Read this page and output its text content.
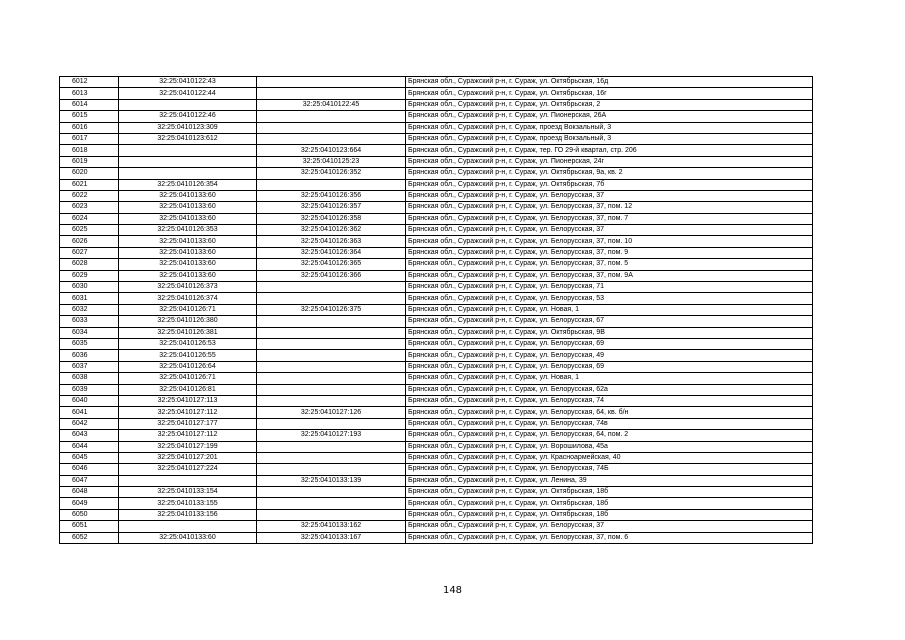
6012	32:25:0410122:43		Брянская обл., Суражский р-н, г. Сураж, ул. Октябрьская, 16д
6013	32:25:0410122:44		Брянская обл., Суражский р-н, г. Сураж, ул. Октябрьская, 16г
6014		32:25:0410122:45	Брянская обл., Суражский р-н, г. Сураж, ул. Октябрьская, 2
6015	32:25:0410122:46		Брянская обл., Суражский р-н, г. Сураж, ул. Пионерская, 26А
6016	32:25:0410123:309		Брянская обл., Суражский р-н, г. Сураж, проезд Вокзальный, 3
6017	32:25:0410123:612		Брянская обл., Суражский р-н, г. Сураж, проезд Вокзальный, 3
6018		32:25:0410123:664	Брянская обл., Суражский р-н, г. Сураж, тер. ГО 29-й квартал, стр. 206
6019		32:25:0410125:23	Брянская обл., Суражский р-н, г. Сураж, ул. Пионерская, 24г
6020		32:25:0410126:352	Брянская обл., Суражский р-н, г. Сураж, ул. Октябрьская, 9а, кв. 2
6021	32:25:0410126:354		Брянская обл., Суражский р-н, г. Сураж, ул. Октябрьская, 7б
6022	32:25:0410133:60	32:25:0410126:356	Брянская обл., Суражский р-н, г. Сураж, ул. Белорусская, 37
6023	32:25:0410133:60	32:25:0410126:357	Брянская обл., Суражский р-н, г. Сураж, ул. Белорусская, 37, пом. 12
6024	32:25:0410133:60	32:25:0410126:358	Брянская обл., Суражский р-н, г. Сураж, ул. Белорусская, 37, пом. 7
6025	32:25:0410126:353	32:25:0410126:362	Брянская обл., Суражский р-н, г. Сураж, ул. Белорусская, 37
6026	32:25:0410133:60	32:25:0410126:363	Брянская обл., Суражский р-н, г. Сураж, ул. Белорусская, 37, пом. 10
6027	32:25:0410133:60	32:25:0410126:364	Брянская обл., Суражский р-н, г. Сураж, ул. Белорусская, 37, пом. 9
6028	32:25:0410133:60	32:25:0410126:365	Брянская обл., Суражский р-н, г. Сураж, ул. Белорусская, 37, пом. 5
6029	32:25:0410133:60	32:25:0410126:366	Брянская обл., Суражский р-н, г. Сураж, ул. Белорусская, 37, пом. 9А
6030	32:25:0410126:373		Брянская обл., Суражский р-н, г. Сураж, ул. Белорусская, 71
6031	32:25:0410126:374		Брянская обл., Суражский р-н, г. Сураж, ул. Белорусская, 53
6032	32:25:0410126:71	32:25:0410126:375	Брянская обл., Суражский р-н, г. Сураж, ул. Новая, 1
6033	32:25:0410126:380		Брянская обл., Суражский р-н, г. Сураж, ул. Белорусская, 67
6034	32:25:0410126:381		Брянская обл., Суражский р-н, г. Сураж, ул. Октябрьская, 9В
6035	32:25:0410126:53		Брянская обл., Суражский р-н, г. Сураж, ул. Белорусская, 69
6036	32:25:0410126:55		Брянская обл., Суражский р-н, г. Сураж, ул. Белорусская, 49
6037	32:25:0410126:64		Брянская обл., Суражский р-н, г. Сураж, ул. Белорусская, 69
6038	32:25:0410126:71		Брянская обл., Суражский р-н, г. Сураж, ул. Новая, 1
6039	32:25:0410126:81		Брянская обл., Суражский р-н, г. Сураж, ул. Белорусская, 62а
6040	32:25:0410127:113		Брянская обл., Суражский р-н, г. Сураж, ул. Белорусская, 74
6041	32:25:0410127:112	32:25:0410127:126	Брянская обл., Суражский р-н, г. Сураж, ул. Белорусская, 64, кв. б/н
6042	32:25:0410127:177		Брянская обл., Суражский р-н, г. Сураж, ул. Белорусская, 74в
6043	32:25:0410127:112	32:25:0410127:193	Брянская обл., Суражский р-н, г. Сураж, ул. Белорусская, 64, пом. 2
6044	32:25:0410127:199		Брянская обл., Суражский р-н, г. Сураж, ул. Ворошилова, 45а
6045	32:25:0410127:201		Брянская обл., Суражский р-н, г. Сураж, ул. Красноармейская, 40
6046	32:25:0410127:224		Брянская обл., Суражский р-н, г. Сураж, ул. Белорусская, 74Б
6047		32:25:0410133:139	Брянская обл., Суражский р-н, г. Сураж, ул. Ленина, 39
6048	32:25:0410133:154		Брянская обл., Суражский р-н, г. Сураж, ул. Октябрьская, 18б
6049	32:25:0410133:155		Брянская обл., Суражский р-н, г. Сураж, ул. Октябрьская, 18б
6050	32:25:0410133:156		Брянская обл., Суражский р-н, г. Сураж, ул. Октябрьская, 18б
6051		32:25:0410133:162	Брянская обл., Суражский р-н, г. Сураж, ул. Белорусская, 37
6052	32:25:0410133:60	32:25:0410133:167	Брянская обл., Суражский р-н, г. Сураж, ул. Белорусская, 37, пом. 6
148
